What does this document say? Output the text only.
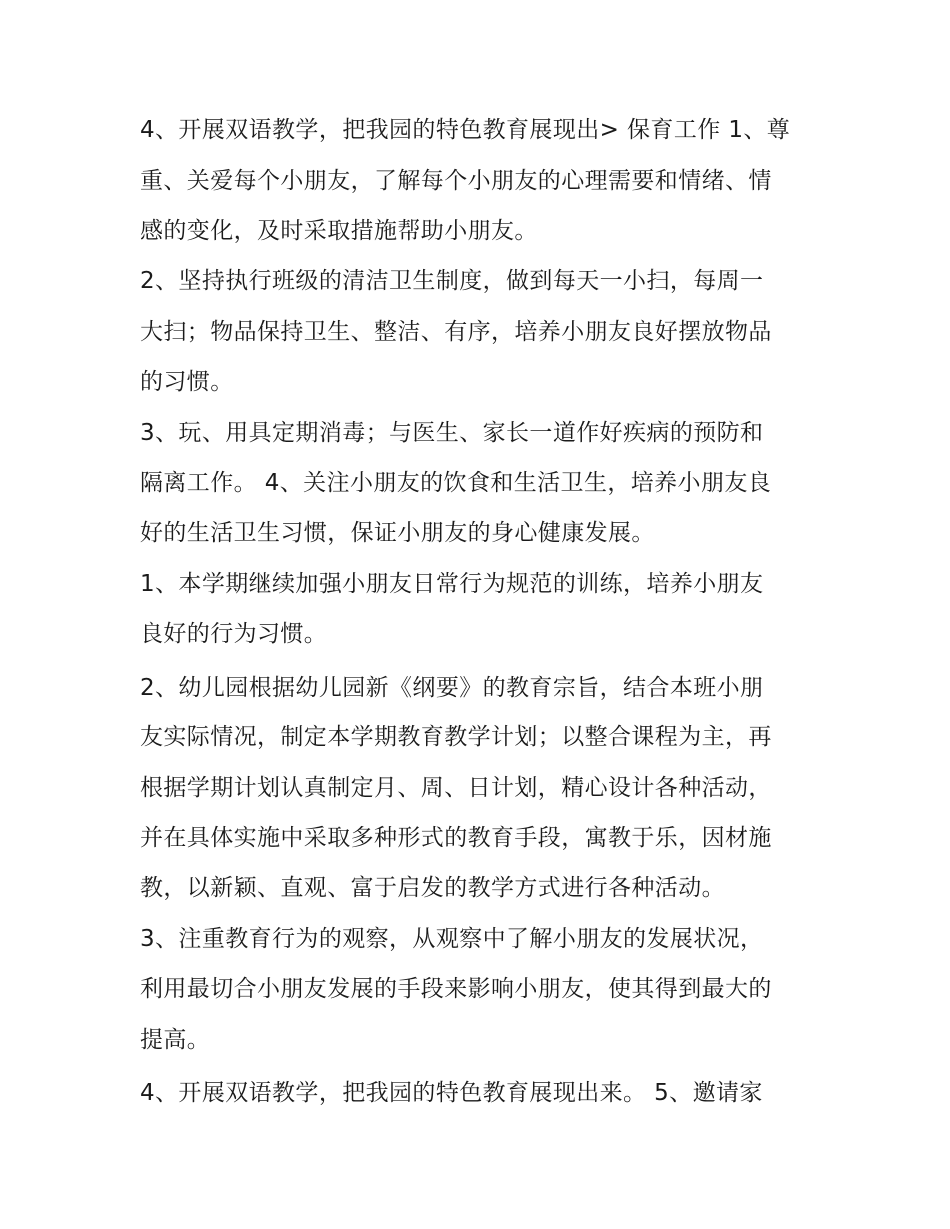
4、开展双语教学，把我园的特色教育展现出> 保育工作 1、尊
重、关爱每个小朋友，了解每个小朋友的心理需要和情绪、情
感的变化，及时采取措施帮助小朋友。
2、坚持执行班级的清洁卫生制度，做到每天一小扫，每周一
大扫；物品保持卫生、整洁、有序，培养小朋友良好摆放物品
的习惯。
3、玩、用具定期消毒；与医生、家长一道作好疾病的预防和
隔离工作。 4、关注小朋友的饮食和生活卫生，培养小朋友良
好的生活卫生习惯，保证小朋友的身心健康发展。
1、本学期继续加强小朋友日常行为规范的训练，培养小朋友
良好的行为习惯。
2、幼儿园根据幼儿园新《纲要》的教育宗旨，结合本班小朋
友实际情况，制定本学期教育教学计划；以整合课程为主，再
根据学期计划认真制定月、周、日计划，精心设计各种活动，
并在具体实施中采取多种形式的教育手段，寓教于乐，因材施
教，以新颖、直观、富于启发的教学方式进行各种活动。
3、注重教育行为的观察，从观察中了解小朋友的发展状况，
利用最切合小朋友发展的手段来影响小朋友，使其得到最大的
提高。
4、开展双语教学，把我园的特色教育展现出来。 5、邀请家
